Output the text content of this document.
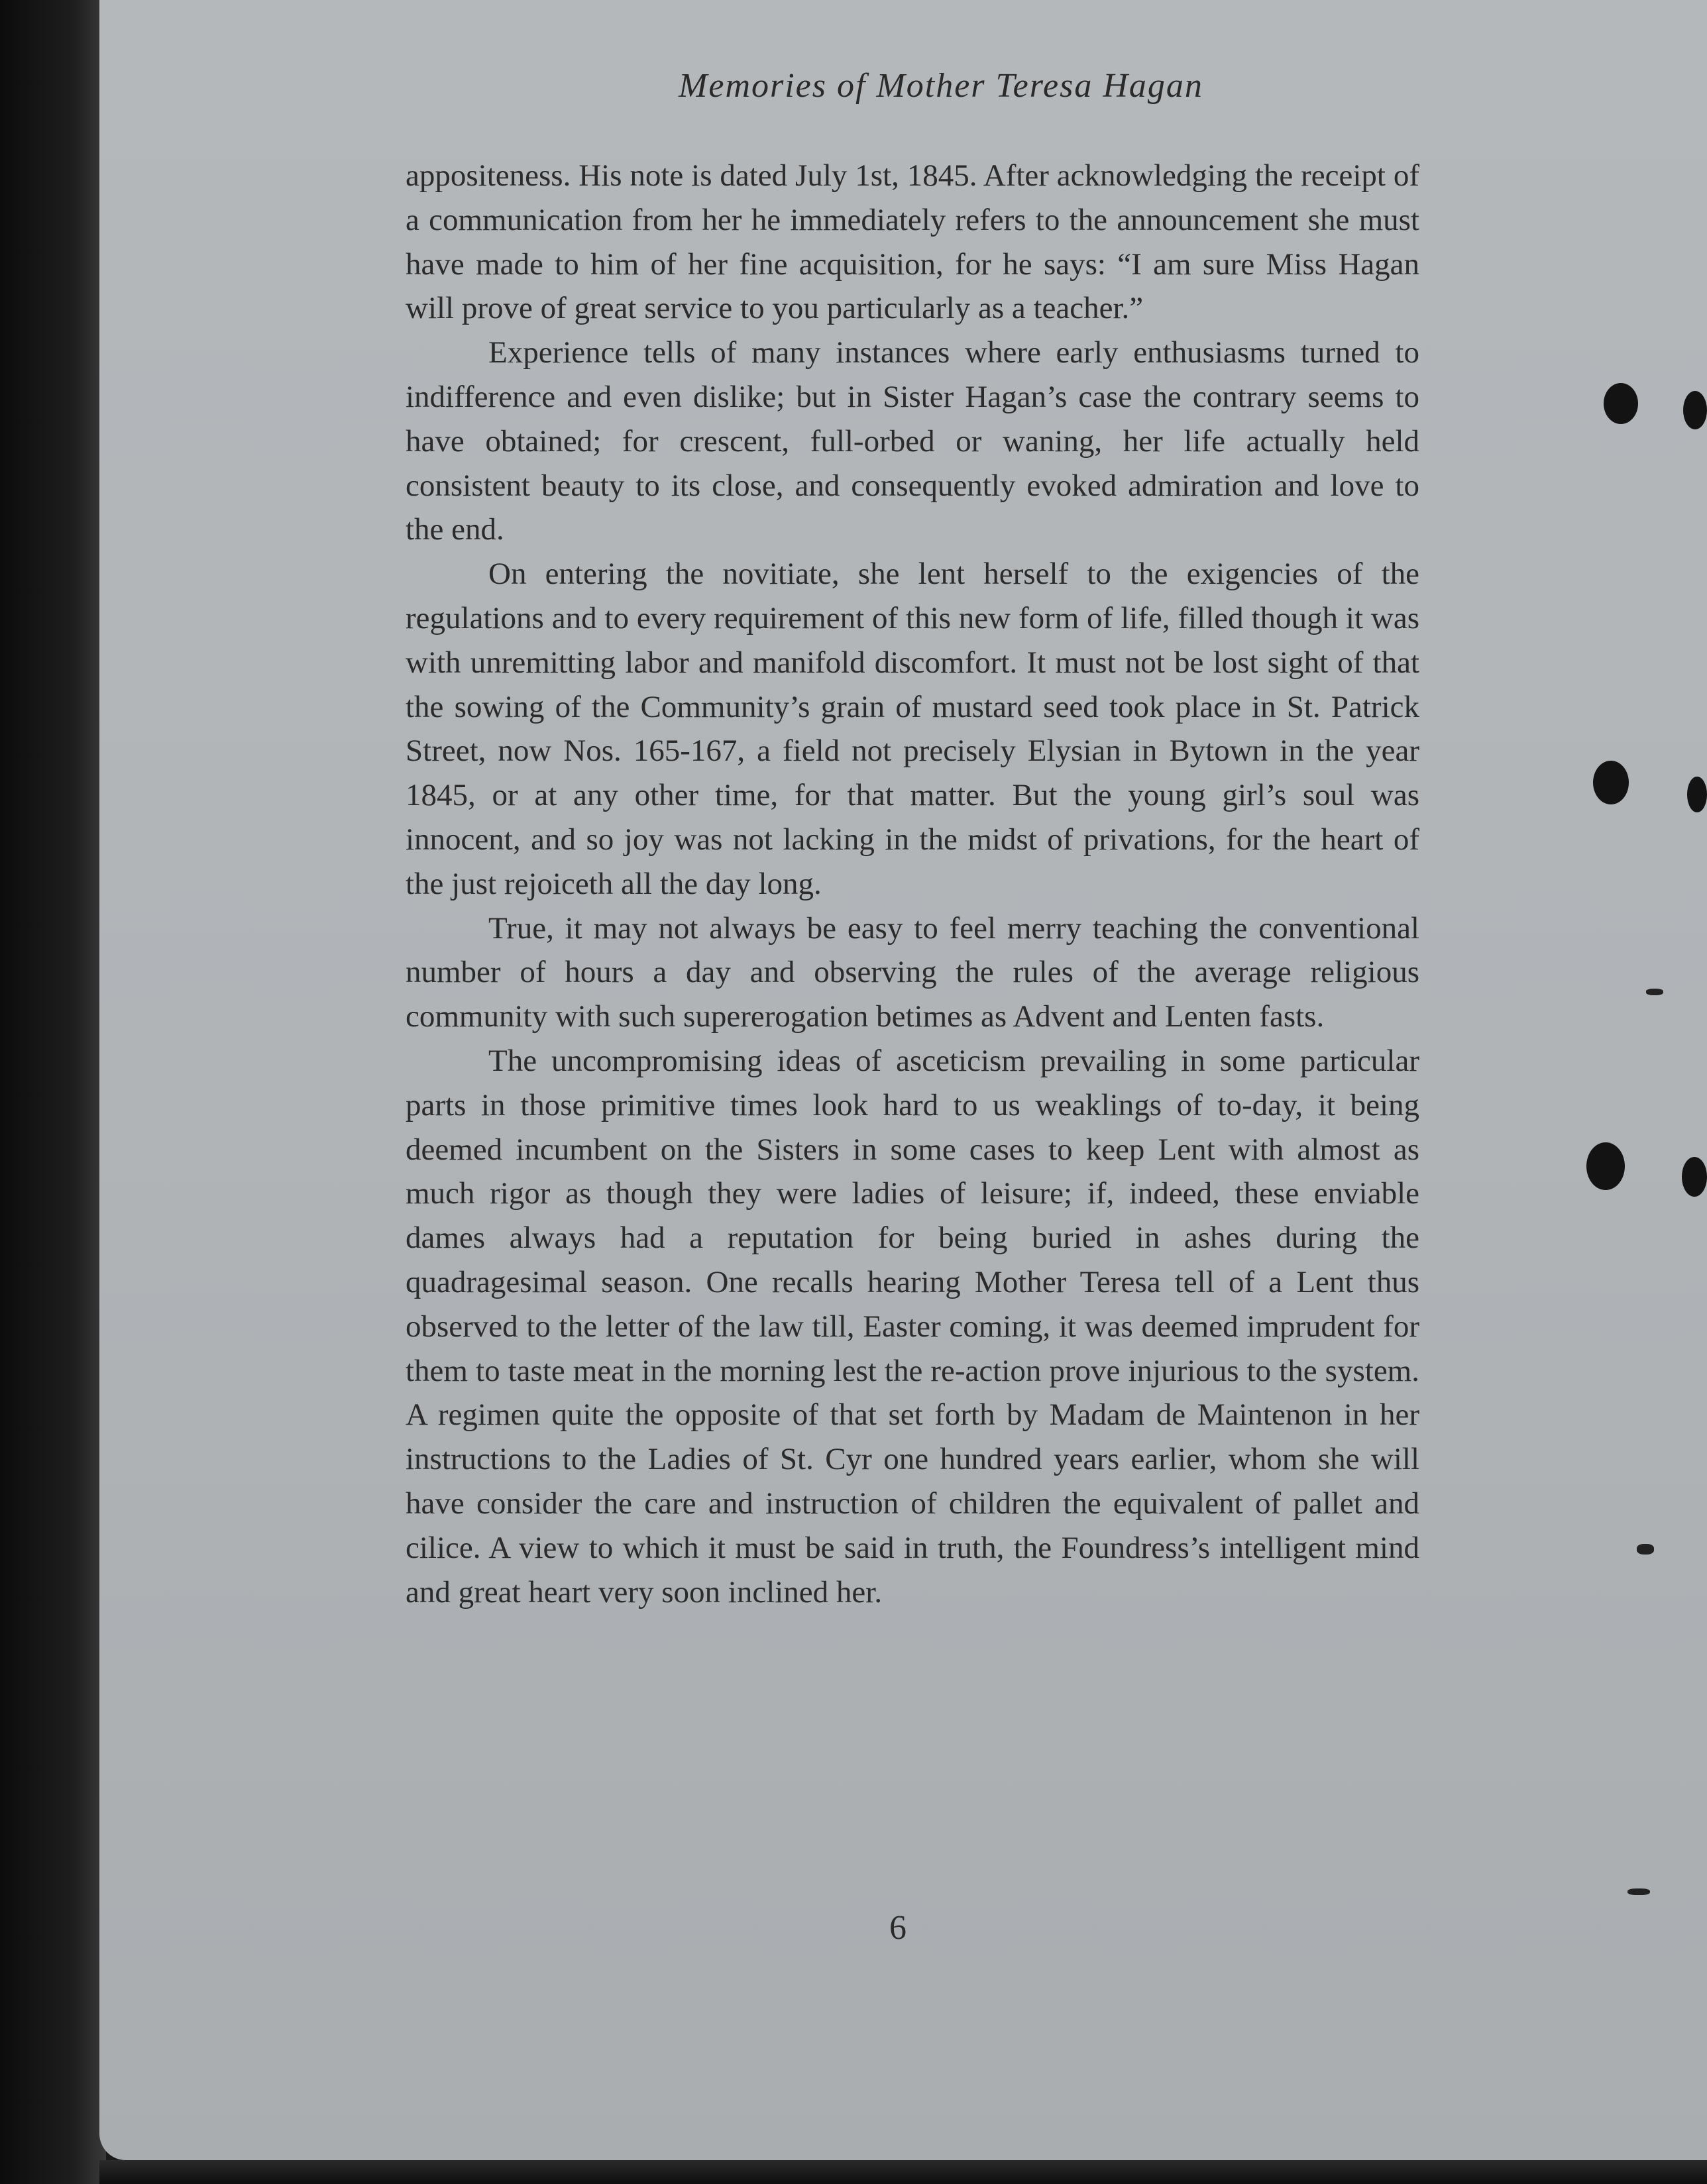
Memories of Mother Teresa Hagan

appositeness. His note is dated July 1st, 1845. After acknowledging the receipt of a communication from her he immediately refers to the announcement she must have made to him of her fine acquisition, for he says: “I am sure Miss Hagan will prove of great service to you particularly as a teacher.”

Experience tells of many instances where early enthusiasms turned to indifference and even dislike; but in Sister Hagan’s case the contrary seems to have obtained; for crescent, full-orbed or waning, her life actually held consistent beauty to its close, and consequently evoked admiration and love to the end.

On entering the novitiate, she lent herself to the exigencies of the regulations and to every requirement of this new form of life, filled though it was with unremitting labor and manifold discomfort. It must not be lost sight of that the sowing of the Community’s grain of mustard seed took place in St. Patrick Street, now Nos. 165-167, a field not precisely Elysian in Bytown in the year 1845, or at any other time, for that matter. But the young girl’s soul was innocent, and so joy was not lacking in the midst of privations, for the heart of the just rejoiceth all the day long.

True, it may not always be easy to feel merry teaching the conventional number of hours a day and observing the rules of the average religious community with such supererogation betimes as Advent and Lenten fasts.

The uncompromising ideas of asceticism prevailing in some particular parts in those primitive times look hard to us weaklings of to-day, it being deemed incumbent on the Sisters in some cases to keep Lent with almost as much rigor as though they were ladies of leisure; if, indeed, these enviable dames always had a reputation for being buried in ashes during the quadragesimal season. One recalls hearing Mother Teresa tell of a Lent thus observed to the letter of the law till, Easter coming, it was deemed imprudent for them to taste meat in the morning lest the re-action prove injurious to the system. A regimen quite the opposite of that set forth by Madam de Maintenon in her instructions to the Ladies of St. Cyr one hundred years earlier, whom she will have consider the care and instruction of children the equivalent of pallet and cilice. A view to which it must be said in truth, the Foundress’s intelligent mind and great heart very soon inclined her.

6
